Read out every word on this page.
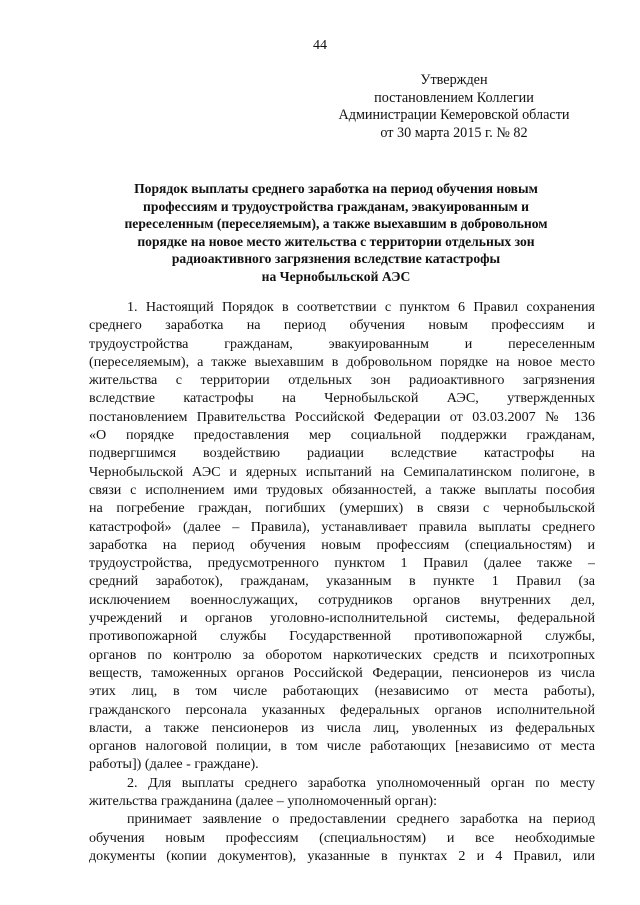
44
Утвержден
постановлением Коллегии
Администрации Кемеровской области
от 30 марта 2015 г. № 82
Порядок выплаты среднего заработка на период обучения новым
профессиям и трудоустройства гражданам, эвакуированным и
переселенным (переселяемым), а также выехавшим в добровольном
порядке на новое место жительства с территории отдельных зон
радиоактивного загрязнения вследствие катастрофы
на Чернобыльской АЭС
1. Настоящий Порядок в соответствии с пунктом 6 Правил сохранения
среднего заработка на период обучения новым профессиям и
трудоустройства гражданам, эвакуированным и переселенным
(переселяемым), а также выехавшим в добровольном порядке на новое место
жительства с территории отдельных зон радиоактивного загрязнения
вследствие катастрофы на Чернобыльской АЭС, утвержденных
постановлением Правительства Российской Федерации от 03.03.2007 № 136
«О порядке предоставления мер социальной поддержки гражданам,
подвергшимся воздействию радиации вследствие катастрофы на
Чернобыльской АЭС и ядерных испытаний на Семипалатинском полигоне, в
связи с исполнением ими трудовых обязанностей, а также выплаты пособия
на погребение граждан, погибших (умерших) в связи с чернобыльской
катастрофой» (далее – Правила), устанавливает правила выплаты среднего
заработка на период обучения новым профессиям (специальностям) и
трудоустройства, предусмотренного пунктом 1 Правил (далее также –
средний заработок), гражданам, указанным в пункте 1 Правил (за
исключением военнослужащих, сотрудников органов внутренних дел,
учреждений и органов уголовно-исполнительной системы, федеральной
противопожарной службы Государственной противопожарной службы,
органов по контролю за оборотом наркотических средств и психотропных
веществ, таможенных органов Российской Федерации, пенсионеров из числа
этих лиц, в том числе работающих (независимо от места работы),
гражданского персонала указанных федеральных органов исполнительной
власти, а также пенсионеров из числа лиц, уволенных из федеральных
органов налоговой полиции, в том числе работающих [независимо от места
работы]) (далее - граждане).
2. Для выплаты среднего заработка уполномоченный орган по месту
жительства гражданина (далее – уполномоченный орган):
принимает заявление о предоставлении среднего заработка на период
обучения новым профессиям (специальностям) и все необходимые
документы (копии документов), указанные в пунктах 2 и 4 Правил, или
